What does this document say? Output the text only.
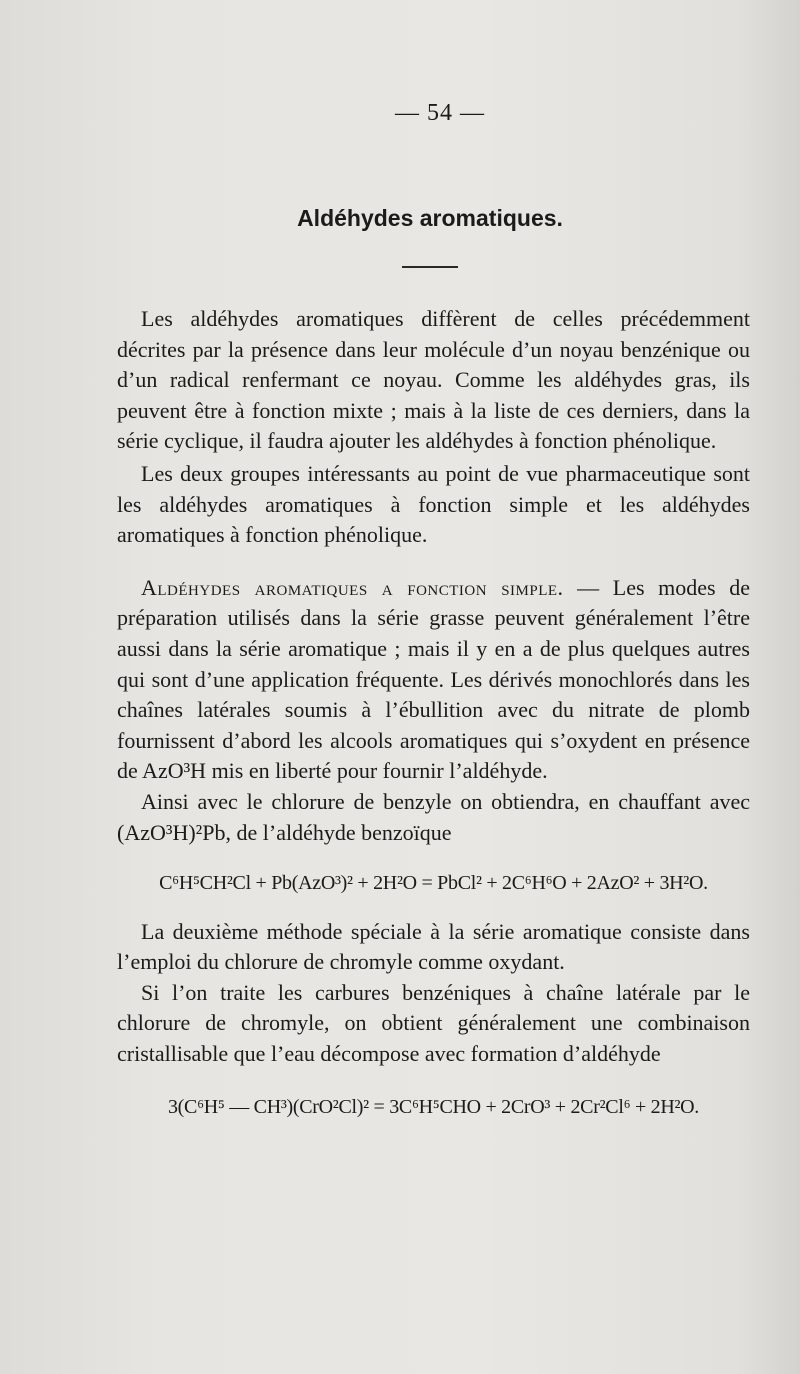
— 54 —
Aldéhydes aromatiques.

Les aldéhydes aromatiques diffèrent de celles précédemment décrites par la présence dans leur molécule d’un noyau benzénique ou d’un radical renfermant ce noyau. Comme les aldéhydes gras, ils peuvent être à fonction mixte ; mais à la liste de ces derniers, dans la série cyclique, il faudra ajouter les aldéhydes à fonction phénolique.

Les deux groupes intéressants au point de vue pharmaceutique sont les aldéhydes aromatiques à fonction simple et les aldéhydes aromatiques à fonction phénolique.

Aldéhydes aromatiques a fonction simple. — Les modes de préparation utilisés dans la série grasse peuvent généralement l’être aussi dans la série aromatique ; mais il y en a de plus quelques autres qui sont d’une application fréquente. Les dérivés monochlorés dans les chaînes latérales soumis à l’ébullition avec du nitrate de plomb fournissent d’abord les alcools aromatiques qui s’oxydent en présence de AzO³H mis en liberté pour fournir l’aldéhyde.

Ainsi avec le chlorure de benzyle on obtiendra, en chauffant avec (AzO³H)²Pb, de l’aldéhyde benzoïque

C⁶H⁵CH²Cl + Pb(AzO³)² + 2H²O = PbCl² + 2C⁶H⁶O + 2AzO² + 3H²O.

La deuxième méthode spéciale à la série aromatique consiste dans l’emploi du chlorure de chromyle comme oxydant.

Si l’on traite les carbures benzéniques à chaîne latérale par le chlorure de chromyle, on obtient généralement une combinaison cristallisable que l’eau décompose avec formation d’aldéhyde

3(C⁶H⁵ — CH³)(CrO²Cl)² = 3C⁶H⁵CHO + 2CrO³ + 2Cr²Cl⁶ + 2H²O.
